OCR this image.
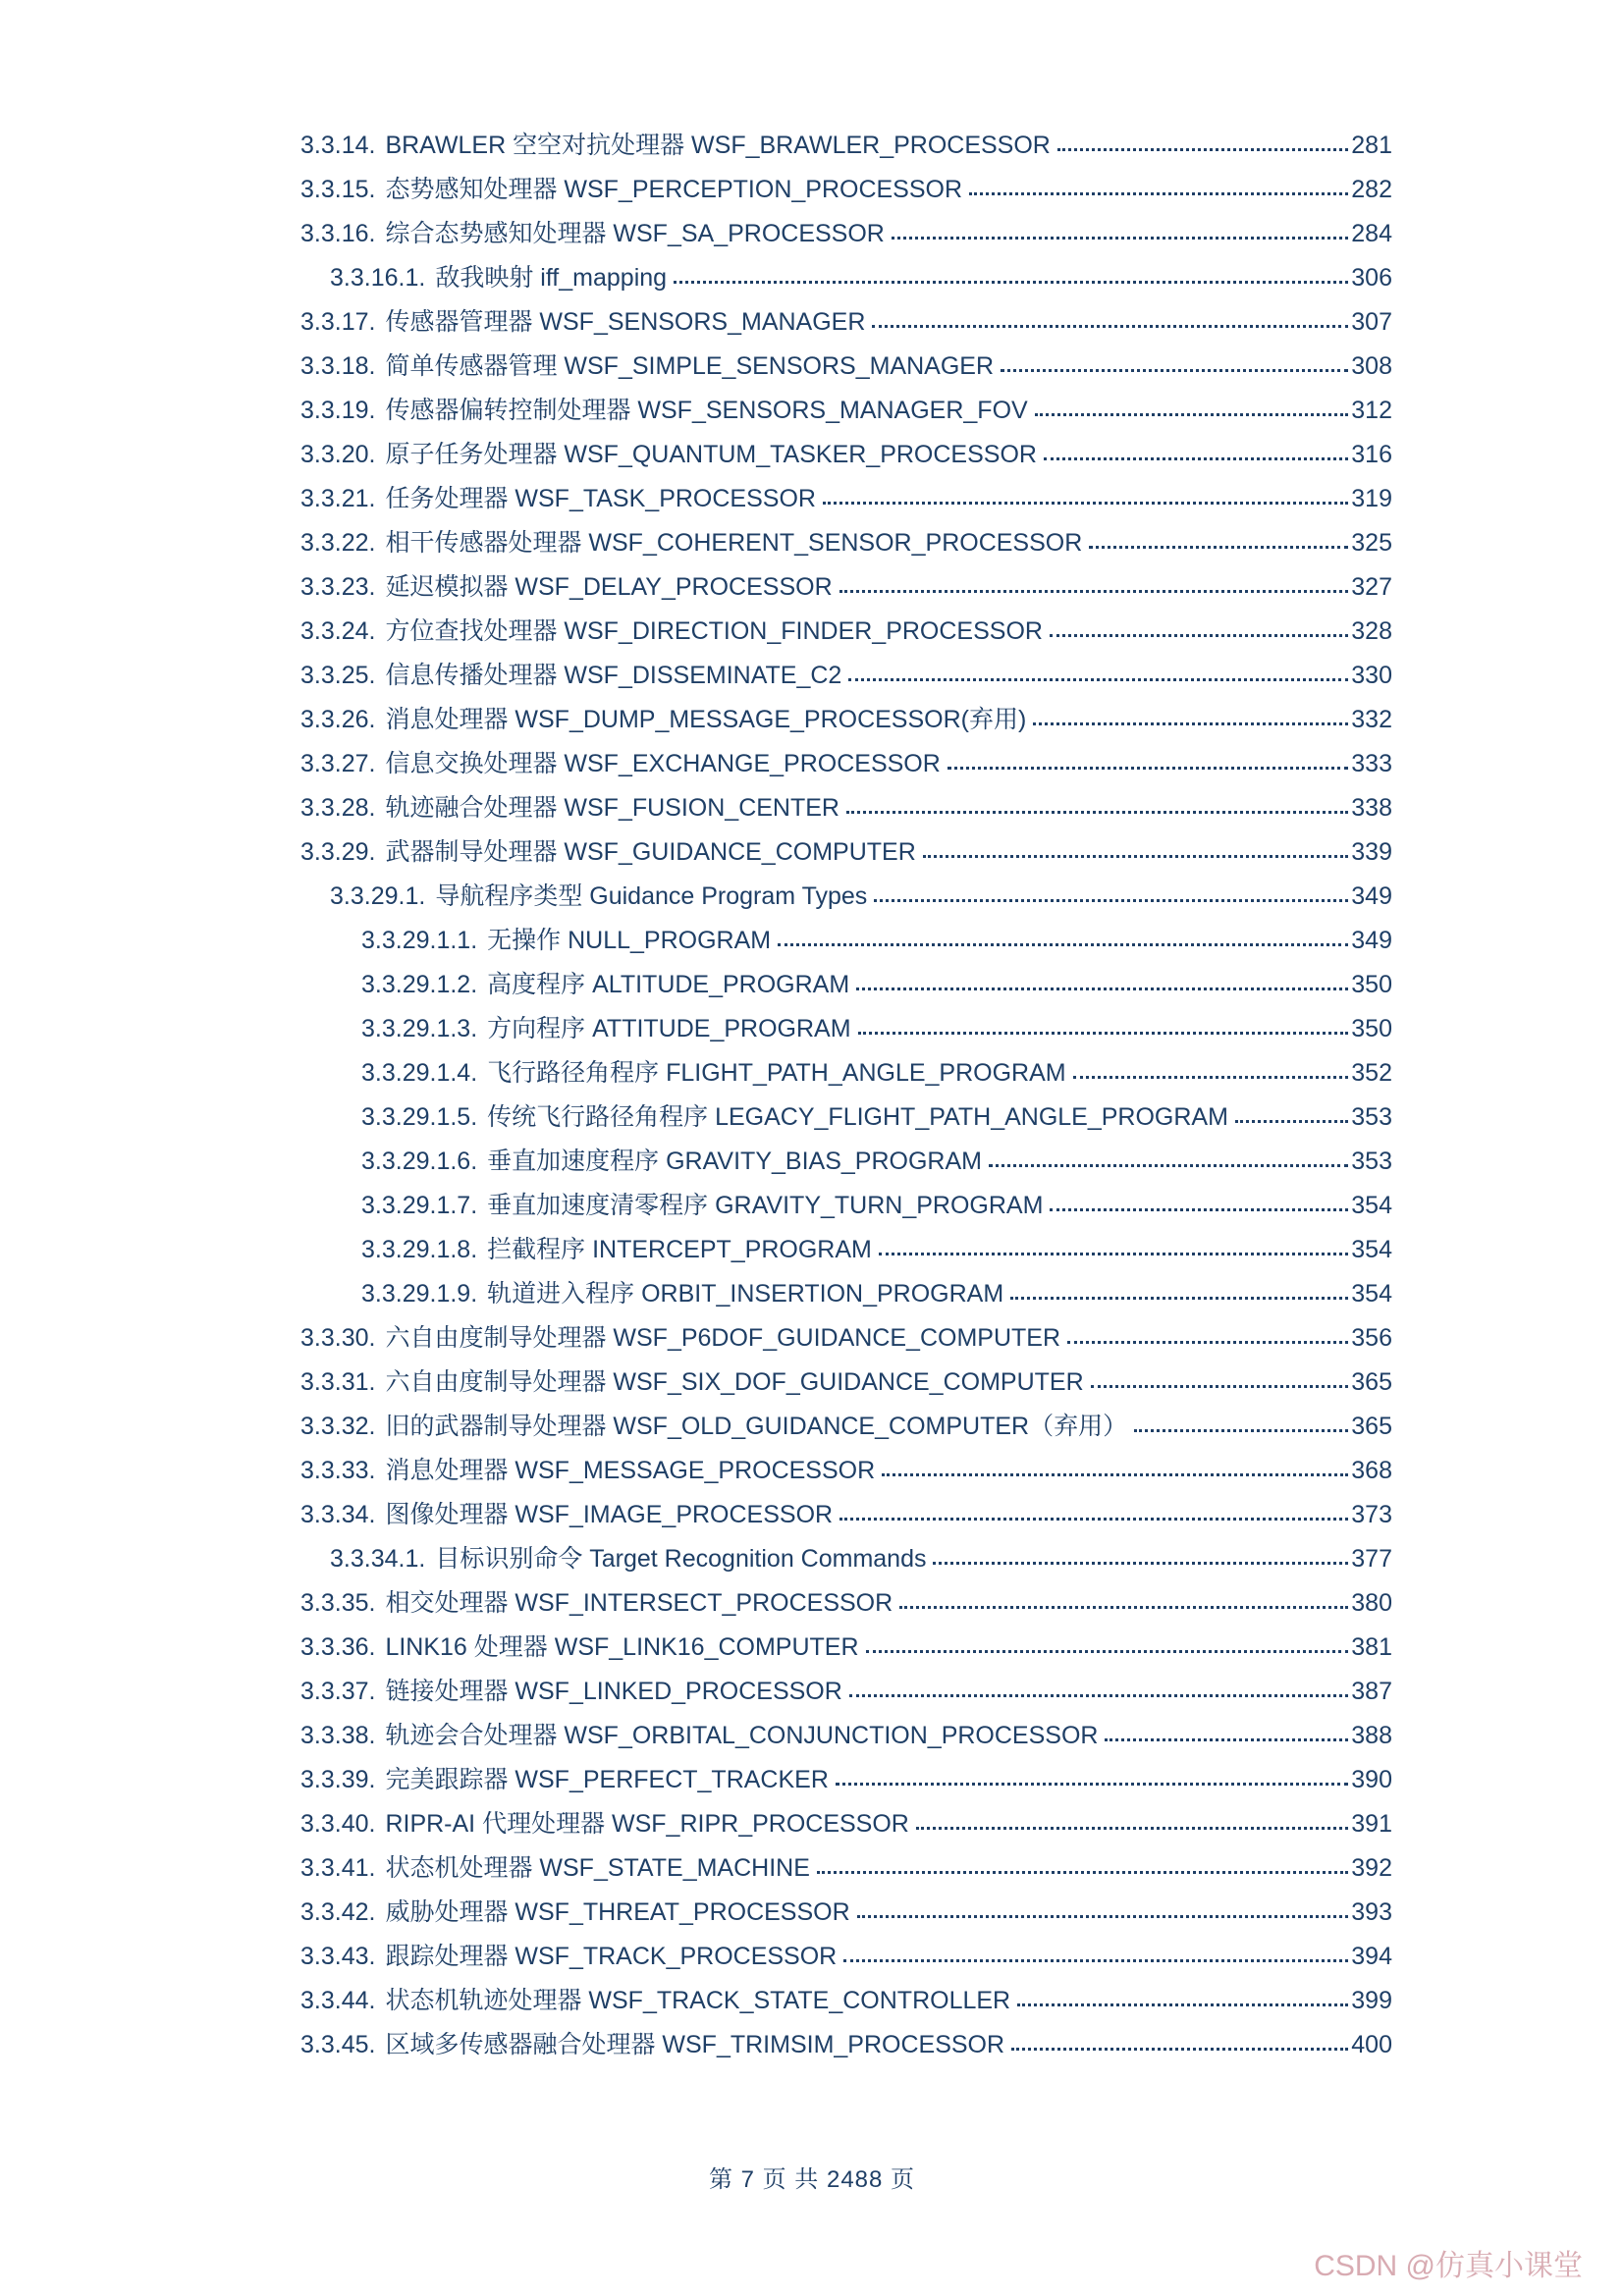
3.3.14. BRAWLER 空空对抗处理器 WSF_BRAWLER_PROCESSOR	281
3.3.15. 态势感知处理器 WSF_PERCEPTION_PROCESSOR	282
3.3.16. 综合态势感知处理器 WSF_SA_PROCESSOR	284
3.3.16.1. 敌我映射 iff_mapping	306
3.3.17. 传感器管理器 WSF_SENSORS_MANAGER	307
3.3.18. 简单传感器管理 WSF_SIMPLE_SENSORS_MANAGER	308
3.3.19. 传感器偏转控制处理器 WSF_SENSORS_MANAGER_FOV	312
3.3.20. 原子任务处理器 WSF_QUANTUM_TASKER_PROCESSOR	316
3.3.21. 任务处理器 WSF_TASK_PROCESSOR	319
3.3.22. 相干传感器处理器 WSF_COHERENT_SENSOR_PROCESSOR	325
3.3.23. 延迟模拟器 WSF_DELAY_PROCESSOR	327
3.3.24. 方位查找处理器 WSF_DIRECTION_FINDER_PROCESSOR	328
3.3.25. 信息传播处理器 WSF_DISSEMINATE_C2	330
3.3.26. 消息处理器 WSF_DUMP_MESSAGE_PROCESSOR(弃用)	332
3.3.27. 信息交换处理器 WSF_EXCHANGE_PROCESSOR	333
3.3.28. 轨迹融合处理器 WSF_FUSION_CENTER	338
3.3.29. 武器制导处理器 WSF_GUIDANCE_COMPUTER	339
3.3.29.1. 导航程序类型 Guidance Program Types	349
3.3.29.1.1. 无操作 NULL_PROGRAM	349
3.3.29.1.2. 高度程序 ALTITUDE_PROGRAM	350
3.3.29.1.3. 方向程序 ATTITUDE_PROGRAM	350
3.3.29.1.4. 飞行路径角程序 FLIGHT_PATH_ANGLE_PROGRAM	352
3.3.29.1.5. 传统飞行路径角程序 LEGACY_FLIGHT_PATH_ANGLE_PROGRAM	353
3.3.29.1.6. 垂直加速度程序 GRAVITY_BIAS_PROGRAM	353
3.3.29.1.7. 垂直加速度清零程序 GRAVITY_TURN_PROGRAM	354
3.3.29.1.8. 拦截程序 INTERCEPT_PROGRAM	354
3.3.29.1.9. 轨道进入程序 ORBIT_INSERTION_PROGRAM	354
3.3.30. 六自由度制导处理器 WSF_P6DOF_GUIDANCE_COMPUTER	356
3.3.31. 六自由度制导处理器 WSF_SIX_DOF_GUIDANCE_COMPUTER	365
3.3.32. 旧的武器制导处理器 WSF_OLD_GUIDANCE_COMPUTER（弃用）	365
3.3.33. 消息处理器 WSF_MESSAGE_PROCESSOR	368
3.3.34. 图像处理器 WSF_IMAGE_PROCESSOR	373
3.3.34.1. 目标识别命令 Target Recognition Commands	377
3.3.35. 相交处理器 WSF_INTERSECT_PROCESSOR	380
3.3.36. LINK16 处理器 WSF_LINK16_COMPUTER	381
3.3.37. 链接处理器 WSF_LINKED_PROCESSOR	387
3.3.38. 轨迹会合处理器 WSF_ORBITAL_CONJUNCTION_PROCESSOR	388
3.3.39. 完美跟踪器 WSF_PERFECT_TRACKER	390
3.3.40. RIPR-AI 代理处理器 WSF_RIPR_PROCESSOR	391
3.3.41. 状态机处理器 WSF_STATE_MACHINE	392
3.3.42. 威胁处理器 WSF_THREAT_PROCESSOR	393
3.3.43. 跟踪处理器 WSF_TRACK_PROCESSOR	394
3.3.44. 状态机轨迹处理器 WSF_TRACK_STATE_CONTROLLER	399
3.3.45. 区域多传感器融合处理器 WSF_TRIMSIM_PROCESSOR	400
第 7 页 共 2488 页
CSDN @仿真小课堂
